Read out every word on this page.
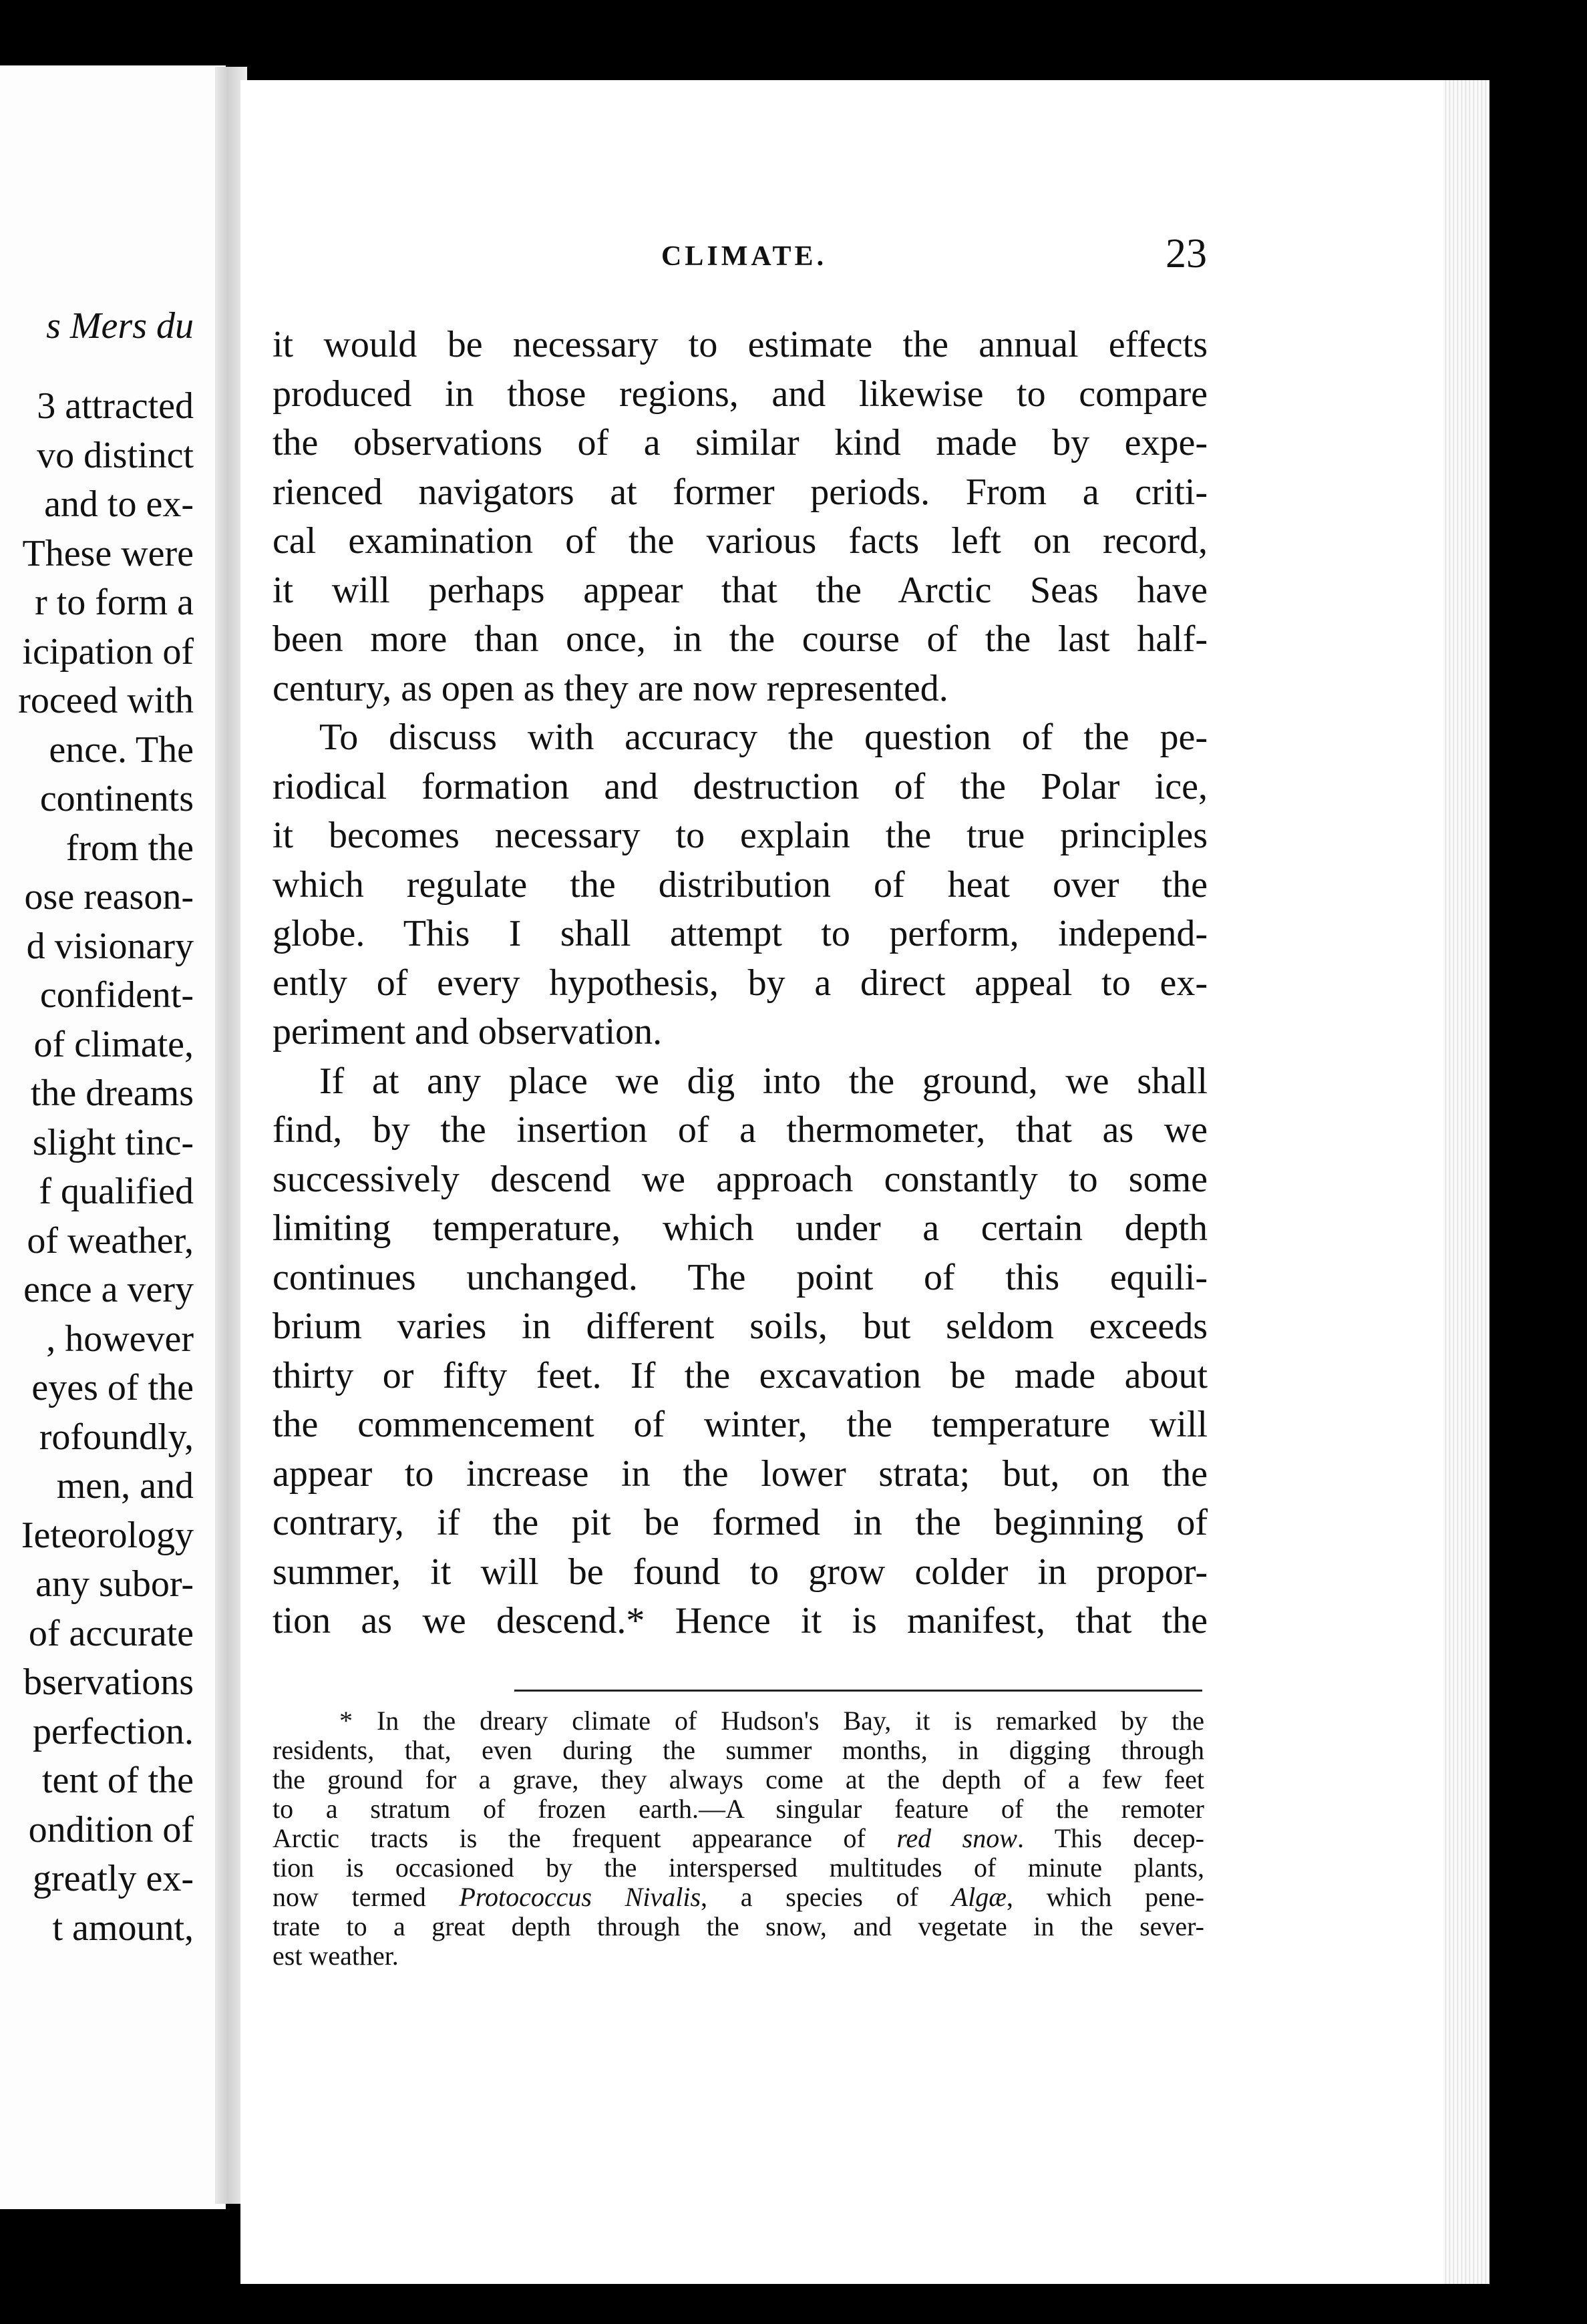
s Mers du
3 attracted
vo distinct
and to ex-
These were
r to form a
icipation of
roceed with
ence. The
continents
from the
ose reason-
d visionary
confident-
of climate,
the dreams
slight tinc-
f qualified
of weather,
ence a very
, however
eyes of the
rofoundly,
men, and
Ieteorology
any subor-
of accurate
bservations
perfection.
tent of the
ondition of
greatly ex-
t amount,
CLIMATE.	23
it would be necessary to estimate the annual effects
produced in those regions, and likewise to compare
the observations of a similar kind made by expe-
rienced navigators at former periods. From a criti-
cal examination of the various facts left on record,
it will perhaps appear that the Arctic Seas have
been more than once, in the course of the last half-
century, as open as they are now represented.
To discuss with accuracy the question of the pe-
riodical formation and destruction of the Polar ice,
it becomes necessary to explain the true principles
which regulate the distribution of heat over the
globe. This I shall attempt to perform, independ-
ently of every hypothesis, by a direct appeal to ex-
periment and observation.
If at any place we dig into the ground, we shall
find, by the insertion of a thermometer, that as we
successively descend we approach constantly to some
limiting temperature, which under a certain depth
continues unchanged. The point of this equili-
brium varies in different soils, but seldom exceeds
thirty or fifty feet. If the excavation be made about
the commencement of winter, the temperature will
appear to increase in the lower strata; but, on the
contrary, if the pit be formed in the beginning of
summer, it will be found to grow colder in propor-
tion as we descend.* Hence it is manifest, that the
* In the dreary climate of Hudson's Bay, it is remarked by the
residents, that, even during the summer months, in digging through
the ground for a grave, they always come at the depth of a few feet
to a stratum of frozen earth.—A singular feature of the remoter
Arctic tracts is the frequent appearance of red snow. This decep-
tion is occasioned by the interspersed multitudes of minute plants,
now termed Protococcus Nivalis, a species of Algæ, which pene-
trate to a great depth through the snow, and vegetate in the sever-
est weather.
